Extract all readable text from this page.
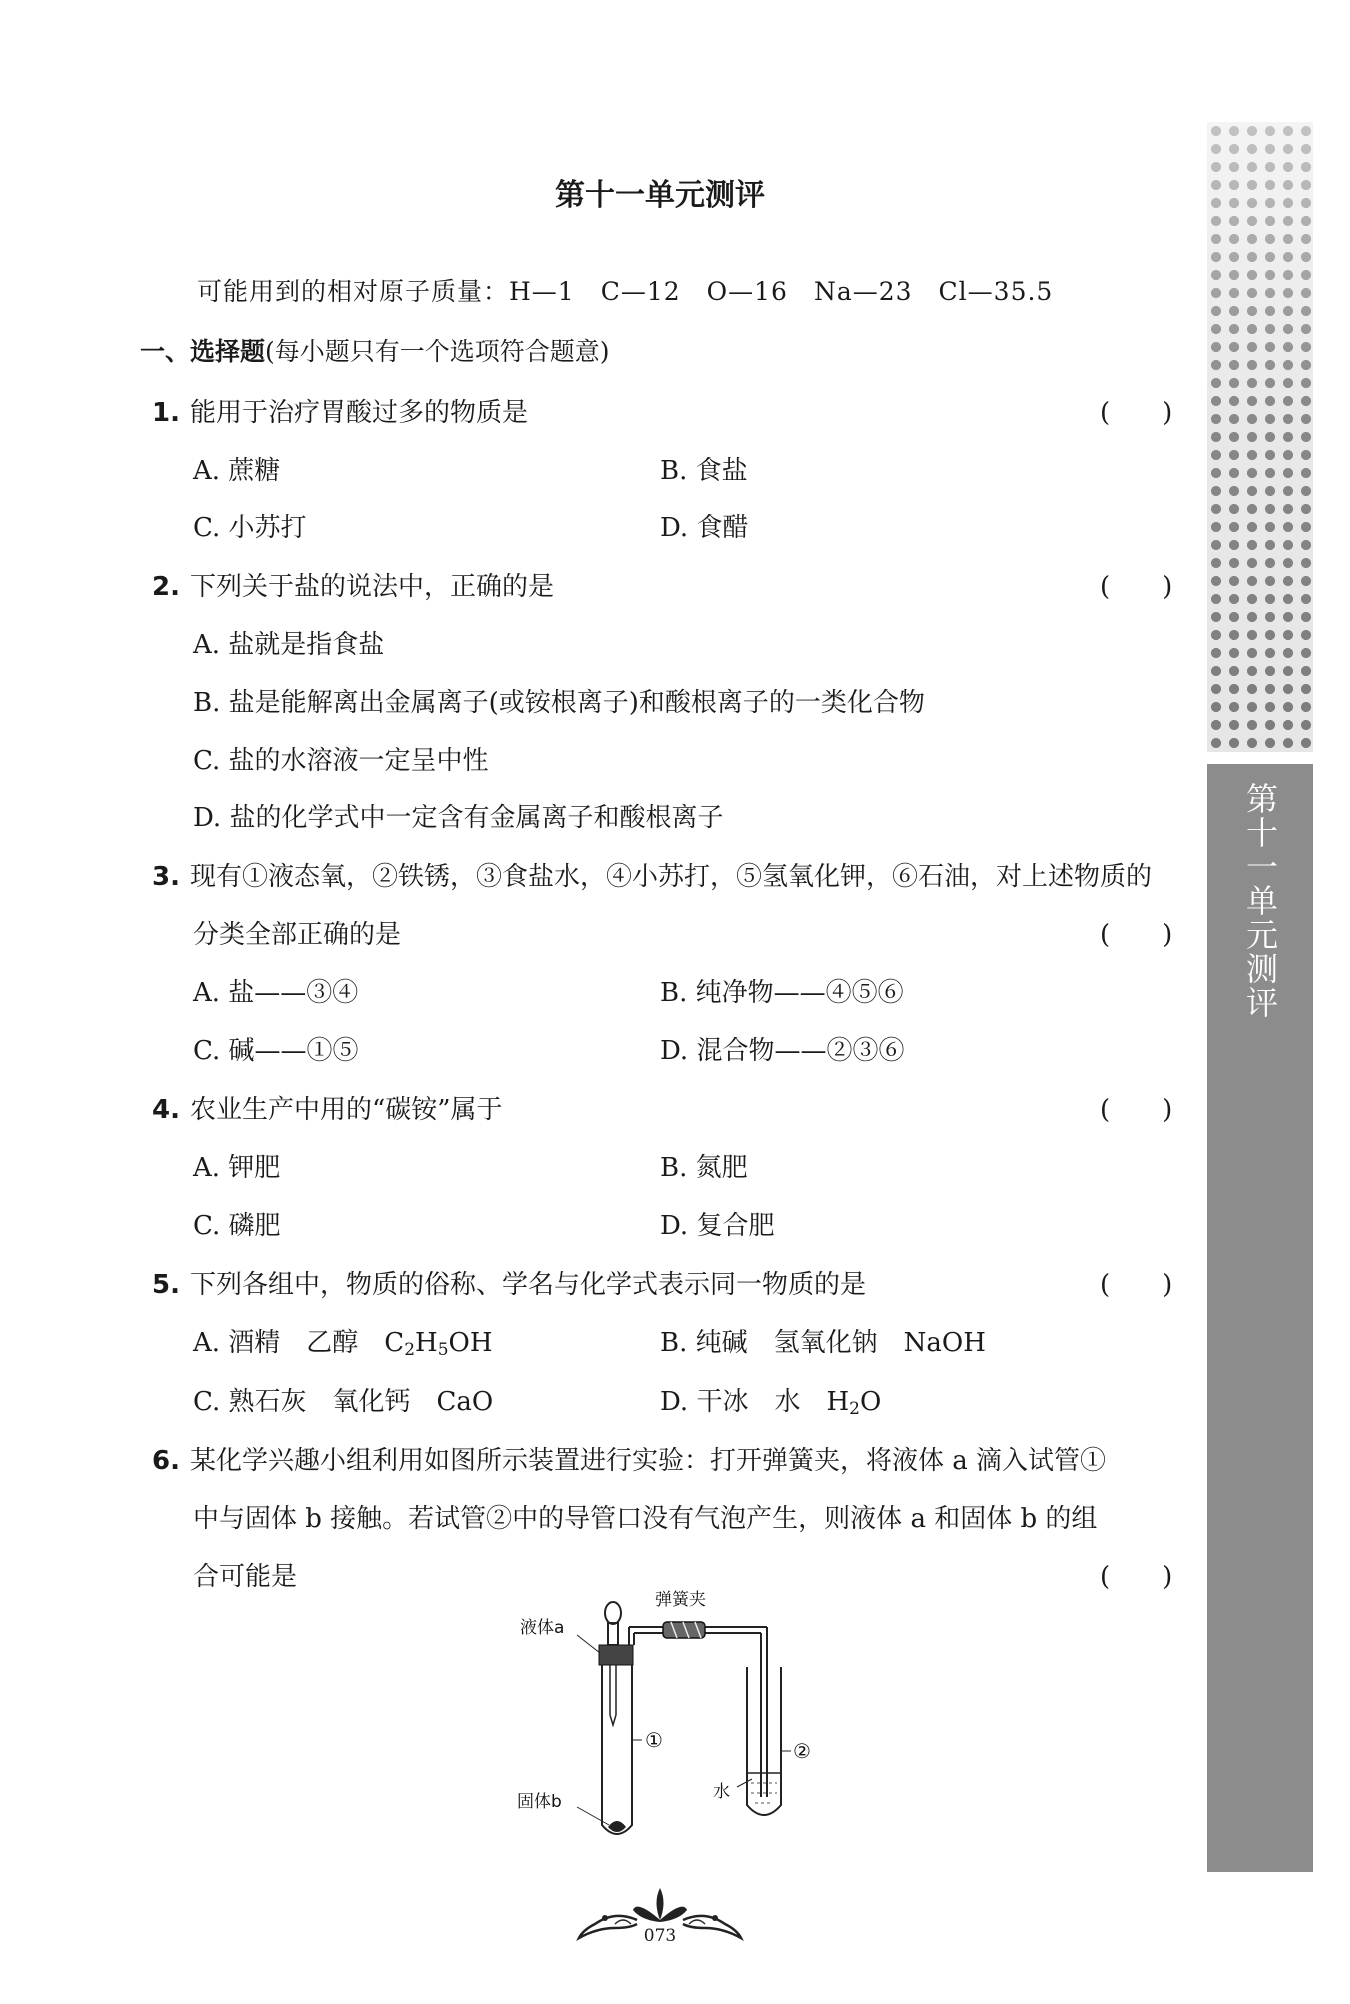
第十一单元测评
第十一单元测评
可能用到的相对原子质量：H—1　C—12　O—16　Na—23　Cl—35.5
一、选择题(每小题只有一个选项符合题意)
1. 能用于治疗胃酸过多的物质是	(　　)
A. 蔗糖	B. 食盐
C. 小苏打	D. 食醋
2. 下列关于盐的说法中，正确的是	(　　)
A. 盐就是指食盐
B. 盐是能解离出金属离子(或铵根离子)和酸根离子的一类化合物
C. 盐的水溶液一定呈中性
D. 盐的化学式中一定含有金属离子和酸根离子
3. 现有①液态氧，②铁锈，③食盐水，④小苏打，⑤氢氧化钾，⑥石油，对上述物质的
分类全部正确的是	(　　)
A. 盐——③④	B. 纯净物——④⑤⑥
C. 碱——①⑤	D. 混合物——②③⑥
4. 农业生产中用的“碳铵”属于	(　　)
A. 钾肥	B. 氮肥
C. 磷肥	D. 复合肥
5. 下列各组中，物质的俗称、学名与化学式表示同一物质的是	(　　)
A. 酒精　乙醇　$C_2H_5OH$	B. 纯碱　氢氧化钠　NaOH
C. 熟石灰　氧化钙　CaO	D. 干冰　水　$H_2O$
6. 某化学兴趣小组利用如图所示装置进行实验：打开弹簧夹，将液体 a 滴入试管①
中与固体 b 接触。若试管②中的导管口没有气泡产生，则液体 a 和固体 b 的组
合可能是	(　　)
弹簧夹
液体a
①	②
固体b	水
073
